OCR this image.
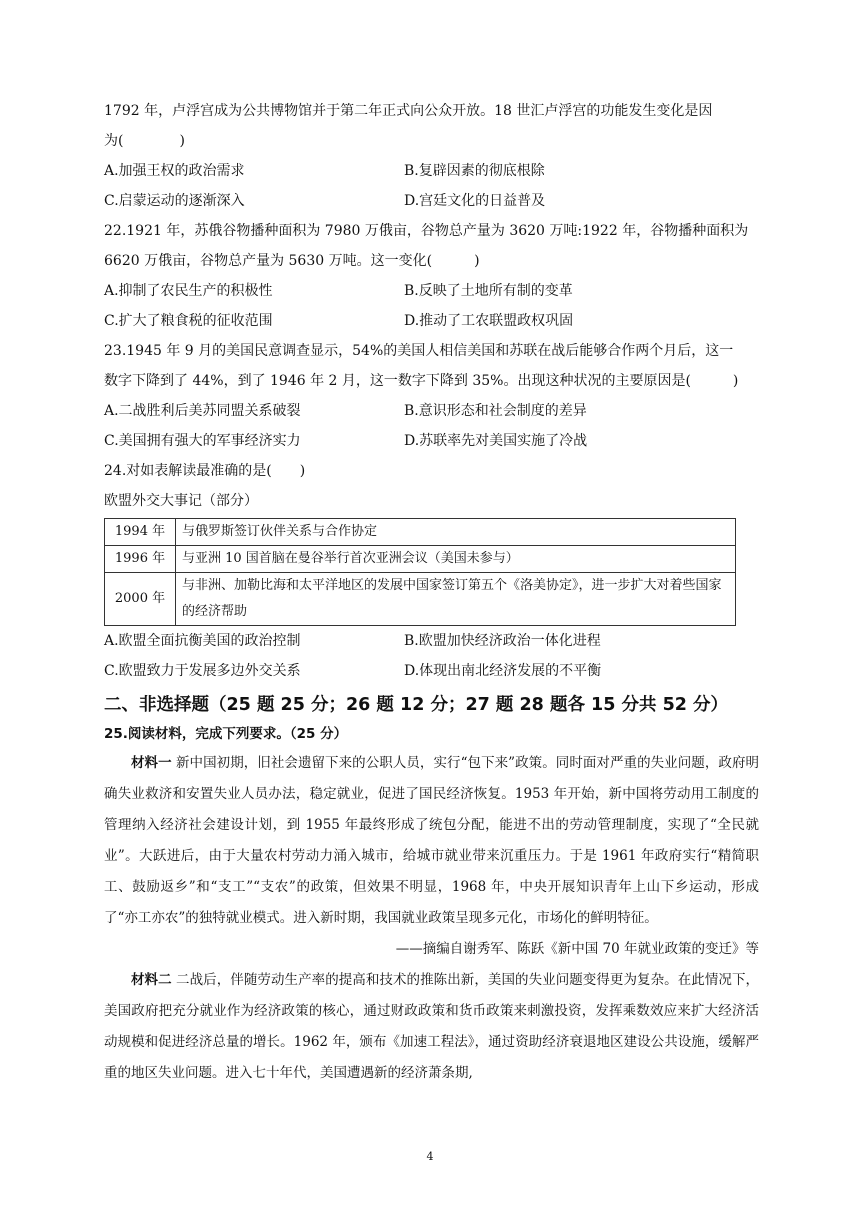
1792 年，卢浮宫成为公共博物馆并于第二年正式向公众开放。18 世汇卢浮宫的功能发生变化是因
为(　　　　)
A.加强王权的政治需求	B.复辟因素的彻底根除
C.启蒙运动的逐渐深入	D.宫廷文化的日益普及
22.1921 年，苏俄谷物播种面积为 7980 万俄亩，谷物总产量为 3620 万吨:1922 年，谷物播种面积为
6620 万俄亩，谷物总产量为 5630 万吨。这一变化(　　　)
A.抑制了农民生产的积极性	B.反映了土地所有制的变革
C.扩大了粮食税的征收范围	D.推动了工农联盟政权巩固
23.1945 年 9 月的美国民意调查显示，54%的美国人相信美国和苏联在战后能够合作两个月后，这一
数字下降到了 44%，到了 1946 年 2 月，这一数字下降到 35%。出现这种状况的主要原因是(　　　)
A.二战胜利后美苏同盟关系破裂	B.意识形态和社会制度的差异
C.美国拥有强大的军事经济实力	D.苏联率先对美国实施了冷战
24.对如表解读最准确的是(　　)
欧盟外交大事记（部分）
1994 年	与俄罗斯签订伙伴关系与合作协定
1996 年	与亚洲 10 国首脑在曼谷举行首次亚洲会议（美国未参与）
2000 年	与非洲、加勒比海和太平洋地区的发展中国家签订第五个《洛美协定》，进一步扩大对着些国家的经济帮助
A.欧盟全面抗衡美国的政治控制	B.欧盟加快经济政治一体化进程
C.欧盟致力于发展多边外交关系	D.体现出南北经济发展的不平衡
二、非选择题（25 题 25 分；26 题 12 分；27 题 28 题各 15 分共 52 分）
25.阅读材料，完成下列要求。（25 分）
材料一 新中国初期，旧社会遗留下来的公职人员，实行“包下来”政策。同时面对严重的失业问题，政府明确失业救济和安置失业人员办法，稳定就业，促进了国民经济恢复。1953 年开始，新中国将劳动用工制度的管理纳入经济社会建设计划，到 1955 年最终形成了统包分配，能进不出的劳动管理制度，实现了“全民就业”。大跃进后，由于大量农村劳动力涌入城市，给城市就业带来沉重压力。于是 1961 年政府实行“精简职工、鼓励返乡”和“支工”“支农”的政策，但效果不明显，1968 年，中央开展知识青年上山下乡运动，形成了“亦工亦农”的独特就业模式。进入新时期，我国就业政策呈现多元化，市场化的鲜明特征。
——摘编自谢秀军、陈跃《新中国 70 年就业政策的变迁》等
材料二 二战后，伴随劳动生产率的提高和技术的推陈出新，美国的失业问题变得更为复杂。在此情况下，美国政府把充分就业作为经济政策的核心，通过财政政策和货币政策来刺激投资，发挥乘数效应来扩大经济活动规模和促进经济总量的增长。1962 年，颁布《加速工程法》，通过资助经济衰退地区建设公共设施，缓解严重的地区失业问题。进入七十年代，美国遭遇新的经济萧条期,
4
